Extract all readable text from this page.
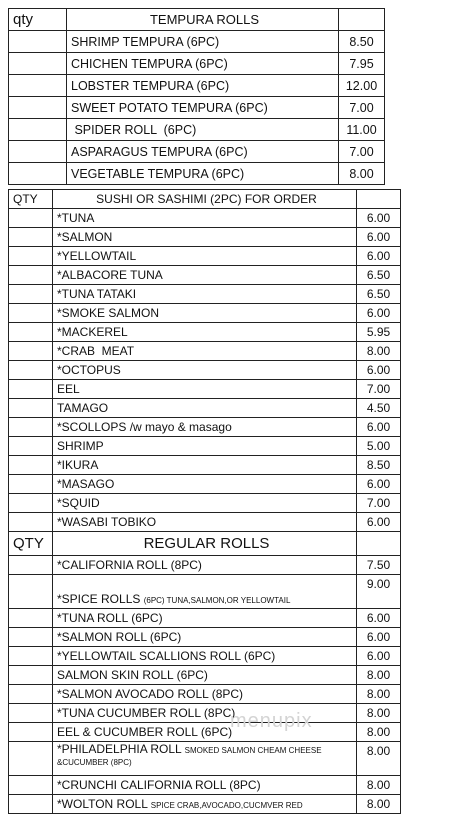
qty	TEMPURA ROLLS	
	SHRIMP TEMPURA (6PC)	8.50
	CHICHEN TEMPURA (6PC)	7.95
	LOBSTER TEMPURA (6PC)	12.00
	SWEET POTATO TEMPURA (6PC)	7.00
	SPIDER ROLL  (6PC)	11.00
	ASPARAGUS TEMPURA (6PC)	7.00
	VEGETABLE TEMPURA (6PC)	8.00
QTY	SUSHI OR SASHIMI (2PC) FOR ORDER	
	*TUNA	6.00
	*SALMON	6.00
	*YELLOWTAIL	6.00
	*ALBACORE TUNA	6.50
	*TUNA TATAKI	6.50
	*SMOKE SALMON	6.00
	*MACKEREL	5.95
	*CRAB  MEAT	8.00
	*OCTOPUS	6.00
	EEL	7.00
	TAMAGO	4.50
	*SCOLLOPS /w mayo & masago	6.00
	SHRIMP	5.00
	*IKURA	8.50
	*MASAGO	6.00
	*SQUID	7.00
	*WASABI TOBIKO	6.00
QTY	REGULAR ROLLS	
	*CALIFORNIA ROLL (8PC)	7.50
	*SPICE ROLLS (6PC) TUNA,SALMON,OR YELLOWTAIL	9.00
	*TUNA ROLL (6PC)	6.00
	*SALMON ROLL (6PC)	6.00
	*YELLOWTAIL SCALLIONS ROLL (6PC)	6.00
	SALMON SKIN ROLL (6PC)	8.00
	*SALMON AVOCADO ROLL (8PC)	8.00
	*TUNA CUCUMBER ROLL (8PC)	8.00
	EEL & CUCUMBER ROLL (6PC)	8.00
	*PHILADELPHIA ROLL SMOKED SALMON CHEAM CHEESE &CUCUMBER (8PC)	8.00
	*CRUNCHI CALIFORNIA ROLL (8PC)	8.00
	*WOLTON ROLL SPICE CRAB,AVOCADO,CUCMVER RED	8.00
menupix
